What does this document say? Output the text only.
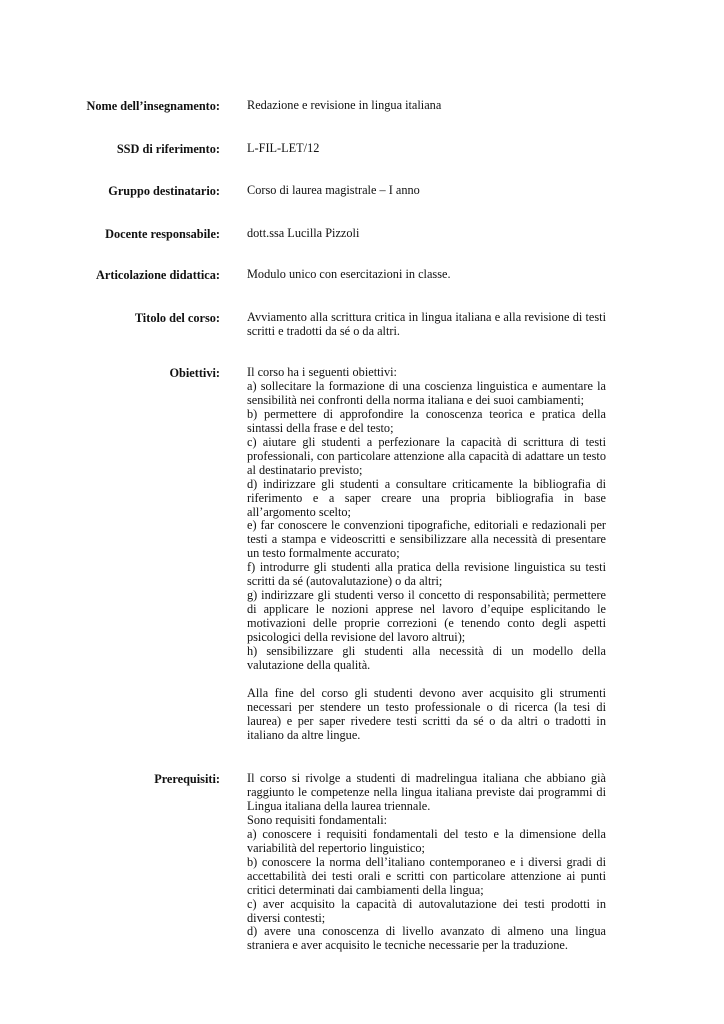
Nome dell’insegnamento: Redazione e revisione in lingua italiana
SSD di riferimento: L-FIL-LET/12
Gruppo destinatario: Corso di laurea magistrale – I anno
Docente responsabile: dott.ssa Lucilla Pizzoli
Articolazione didattica: Modulo unico con esercitazioni in classe.
Titolo del corso: Avviamento alla scrittura critica in lingua italiana e alla revisione di testi scritti e tradotti da sé o da altri.
Obiettivi: Il corso ha i seguenti obiettivi:

a) sollecitare la formazione di una coscienza linguistica e aumentare la sensibilità nei confronti della norma italiana e dei suoi cambiamenti;
b) permettere di approfondire la conoscenza teorica e pratica della sintassi della frase e del testo;
c) aiutare gli studenti a perfezionare la capacità di scrittura di testi professionali, con particolare attenzione alla capacità di adattare un testo al destinatario previsto;
d) indirizzare gli studenti a consultare criticamente la bibliografia di riferimento e a saper creare una propria bibliografia in base all’argomento scelto;
e) far conoscere le convenzioni tipografiche, editoriali e redazionali per testi a stampa e videoscritti e sensibilizzare alla necessità di presentare un testo formalmente accurato;
f) introdurre gli studenti alla pratica della revisione linguistica su testi scritti da sé (autovalutazione) o da altri;
g) indirizzare gli studenti verso il concetto di responsabilità; permettere di applicare le nozioni apprese nel lavoro d’equipe esplicitando le motivazioni delle proprie correzioni (e tenendo conto degli aspetti psicologici della revisione del lavoro altrui);
h) sensibilizzare gli studenti alla necessità di un modello della valutazione della qualità.

Alla fine del corso gli studenti devono aver acquisito gli strumenti necessari per stendere un testo professionale o di ricerca (la tesi di laurea) e per saper rivedere testi scritti da sé o da altri o tradotti in italiano da altre lingue.

Prerequisiti: Il corso si rivolge a studenti di madrelingua italiana che abbiano già raggiunto le competenze nella lingua italiana previste dai programmi di Lingua italiana della laurea triennale.

Sono requisiti fondamentali:

a) conoscere i requisiti fondamentali del testo e la dimensione della variabilità del repertorio linguistico;
b) conoscere la norma dell’italiano contemporaneo e i diversi gradi di accettabilità dei testi orali e scritti con particolare attenzione ai punti critici determinati dai cambiamenti della lingua;
c) aver acquisito la capacità di autovalutazione dei testi prodotti in diversi contesti;
d) avere una conoscenza di livello avanzato di almeno una lingua straniera e aver acquisito le tecniche necessarie per la traduzione.
